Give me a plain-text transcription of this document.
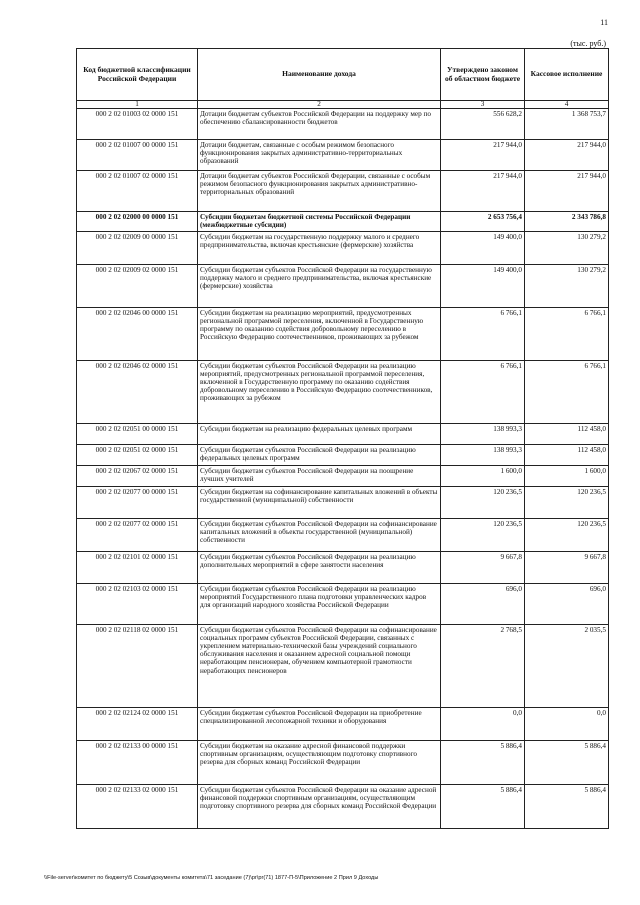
11
(тыс. руб.)
Код бюджетной классификации Российской Федерации	Наименование дохода	Утверждено законом об областном бюджете	Кассовое исполнение
1	2	3	4
000 2 02 01003 02 0000 151	Дотации бюджетам субъектов Российской Федерации на поддержку мер по обеспечению сбалансированности бюджетов	556 628,2	1 368 753,7
000 2 02 01007 00 0000 151	Дотации бюджетам, связанные с особым режимом безопасного функционирования закрытых административно-территориальных образований	217 944,0	217 944,0
000 2 02 01007 02 0000 151	Дотации бюджетам субъектов Российской Федерации, связанные с особым режимом безопасного функционирования закрытых административно-территориальных образований	217 944,0	217 944,0
000 2 02 02000 00 0000 151	Субсидии бюджетам бюджетной системы Российской Федерации (межбюджетные субсидии)	2 653 756,4	2 343 786,8
000 2 02 02009 00 0000 151	Субсидии бюджетам на государственную поддержку малого и среднего предпринимательства, включая крестьянские (фермерские) хозяйства	149 400,0	130 279,2
000 2 02 02009 02 0000 151	Субсидии бюджетам субъектов Российской Федерации на государственную поддержку малого и среднего предпринимательства, включая крестьянские (фермерские) хозяйства	149 400,0	130 279,2
000 2 02 02046 00 0000 151	Субсидии бюджетам на реализацию мероприятий, предусмотренных региональной программой переселения, включенной в Государственную программу по оказанию содействия добровольному переселению в Российскую Федерацию соотечественников, проживающих за рубежом	6 766,1	6 766,1
000 2 02 02046 02 0000 151	Субсидии бюджетам субъектов Российской Федерации на реализацию мероприятий, предусмотренных региональной программой переселения, включенной в Государственную программу по оказанию содействия добровольному переселению в Российскую Федерацию соотечественников, проживающих за рубежом	6 766,1	6 766,1
000 2 02 02051 00 0000 151	Субсидии бюджетам на реализацию федеральных целевых программ	138 993,3	112 458,0
000 2 02 02051 02 0000 151	Субсидии бюджетам субъектов Российской Федерации на реализацию федеральных целевых программ	138 993,3	112 458,0
000 2 02 02067 02 0000 151	Субсидии бюджетам субъектов Российской Федерации на поощрение лучших учителей	1 600,0	1 600,0
000 2 02 02077 00 0000 151	Субсидии бюджетам на софинансирование капитальных вложений в объекты государственной (муниципальной) собственности	120 236,5	120 236,5
000 2 02 02077 02 0000 151	Субсидии бюджетам субъектов Российской Федерации на софинансирование капитальных вложений в объекты государственной (муниципальной) собственности	120 236,5	120 236,5
000 2 02 02101 02 0000 151	Субсидии бюджетам субъектов Российской Федерации на реализацию дополнительных мероприятий в сфере занятости населения	9 667,8	9 667,8
000 2 02 02103 02 0000 151	Субсидии бюджетам субъектов Российской Федерации на реализацию мероприятий Государственного плана подготовки управленческих кадров для организаций народного хозяйства Российской Федерации	696,0	696,0
000 2 02 02118 02 0000 151	Субсидии бюджетам субъектов Российской Федерации на софинансирование социальных программ субъектов Российской Федерации, связанных с укреплением материально-технической базы учреждений социального обслуживания населения и оказанием адресной социальной помощи неработающим пенсионерам, обучением компьютерной грамотности неработающих пенсионеров	2 768,5	2 035,5
000 2 02 02124 02 0000 151	Субсидии бюджетам субъектов Российской Федерации на приобретение специализированной лесопожарной техники и оборудования	0,0	0,0
000 2 02 02133 00 0000 151	Субсидии бюджетам на оказание адресной финансовой поддержки спортивным организациям, осуществляющим подготовку спортивного резерва для сборных команд Российской Федерации	5 886,4	5 886,4
000 2 02 02133 02 0000 151	Субсидии бюджетам субъектов Российской Федерации на оказание адресной финансовой поддержки спортивным организациям, осуществляющим подготовку спортивного резерва для сборных команд Российской Федерации	5 886,4	5 886,4
\\File-server\комитет по бюджету\5 Созыв\документы комитета\71 заседание (7)\pr\pr(71) 1877-П-5\Приложение 2 Прил 9 Доходы
